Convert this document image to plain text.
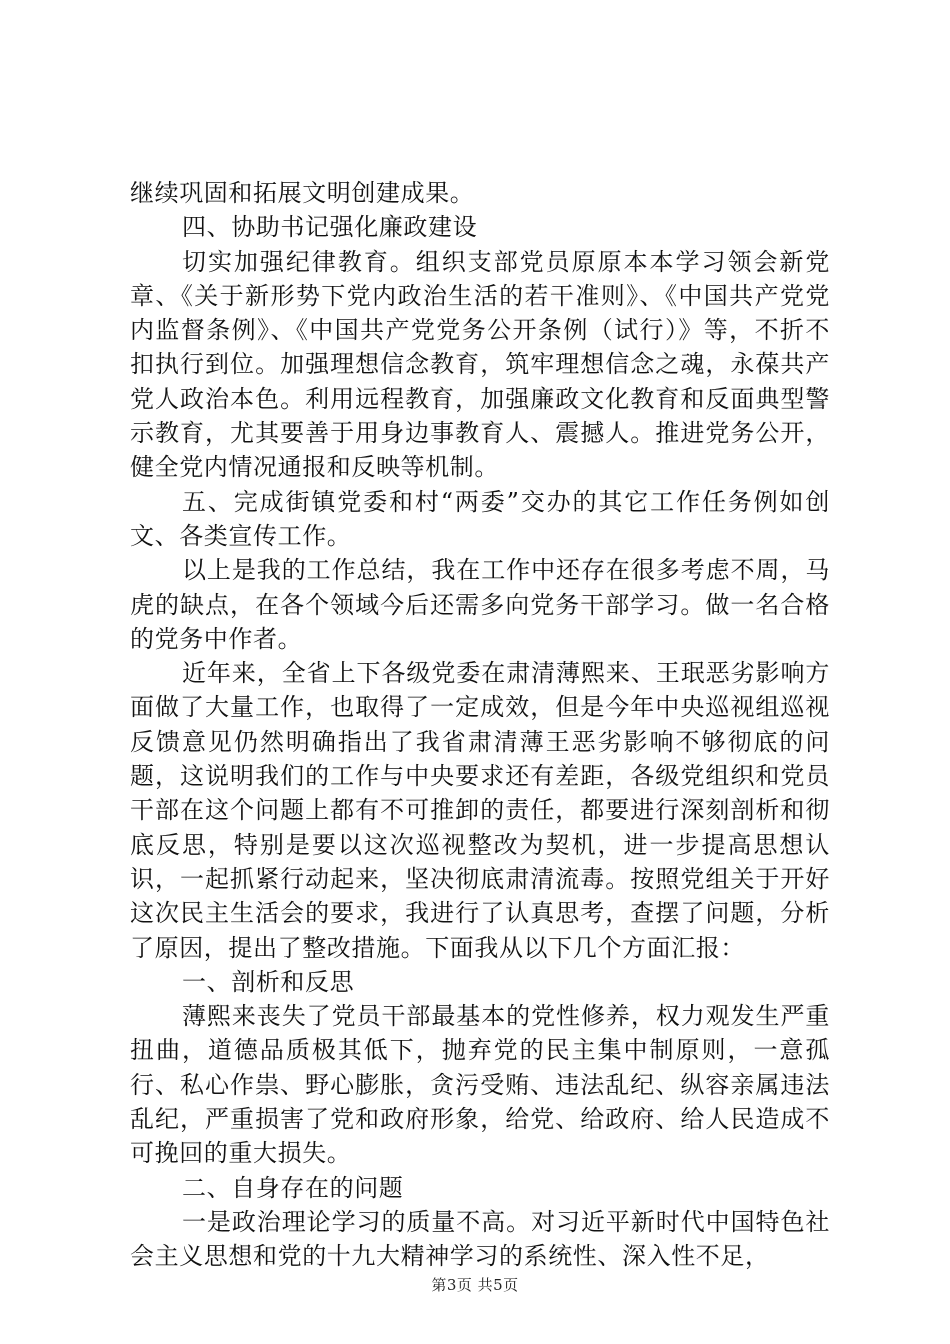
继续巩固和拓展文明创建成果。

四、协助书记强化廉政建设

切实加强纪律教育。组织支部党员原原本本学习领会新党章、《关于新形势下党内政治生活的若干准则》、《中国共产党党内监督条例》、《中国共产党党务公开条例（试行）》等，不折不扣执行到位。加强理想信念教育，筑牢理想信念之魂，永葆共产党人政治本色。利用远程教育，加强廉政文化教育和反面典型警示教育，尤其要善于用身边事教育人、震撼人。推进党务公开，健全党内情况通报和反映等机制。

五、完成街镇党委和村“两委”交办的其它工作任务例如创文、各类宣传工作。

以上是我的工作总结，我在工作中还存在很多考虑不周，马虎的缺点，在各个领域今后还需多向党务干部学习。做一名合格的党务中作者。

近年来，全省上下各级党委在肃清薄熙来、王珉恶劣影响方面做了大量工作，也取得了一定成效，但是今年中央巡视组巡视反馈意见仍然明确指出了我省肃清薄王恶劣影响不够彻底的问题，这说明我们的工作与中央要求还有差距，各级党组织和党员干部在这个问题上都有不可推卸的责任，都要进行深刻剖析和彻底反思，特别是要以这次巡视整改为契机，进一步提高思想认识，一起抓紧行动起来，坚决彻底肃清流毒。按照党组关于开好这次民主生活会的要求，我进行了认真思考，查摆了问题，分析了原因，提出了整改措施。下面我从以下几个方面汇报：

一、剖析和反思

薄熙来丧失了党员干部最基本的党性修养，权力观发生严重扭曲，道德品质极其低下，抛弃党的民主集中制原则，一意孤行、私心作祟、野心膨胀，贪污受贿、违法乱纪、纵容亲属违法乱纪，严重损害了党和政府形象，给党、给政府、给人民造成不可挽回的重大损失。

二、自身存在的问题

一是政治理论学习的质量不高。对习近平新时代中国特色社会主义思想和党的十九大精神学习的系统性、深入性不足，

第3页 共5页
